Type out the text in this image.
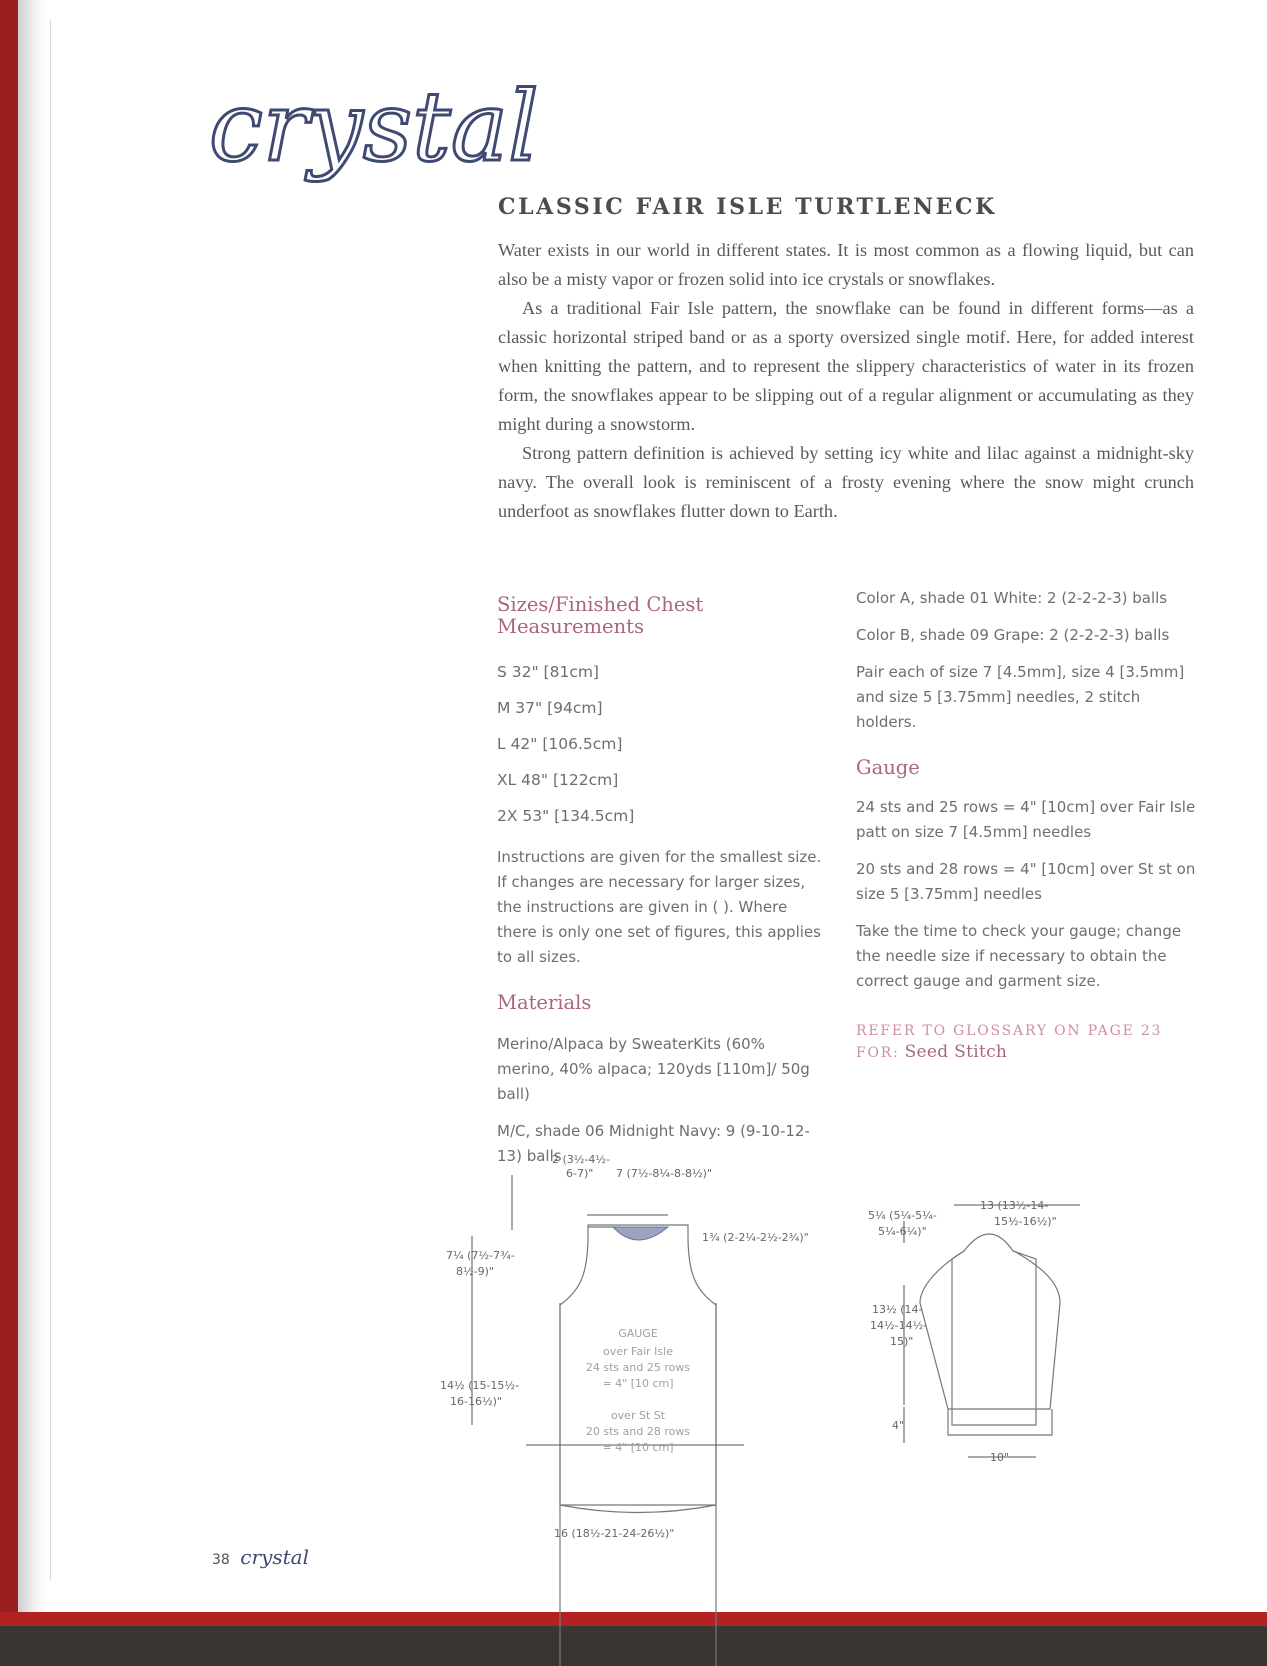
crystal
CLASSIC FAIR ISLE TURTLENECK

Water exists in our world in different states. It is most common as a flowing liquid, but can also be a misty vapor or frozen solid into ice crystals or snowflakes.

As a traditional Fair Isle pattern, the snowflake can be found in different forms—as a classic horizontal striped band or as a sporty oversized single motif. Here, for added interest when knitting the pattern, and to represent the slippery characteristics of water in its frozen form, the snowflakes appear to be slipping out of a regular alignment or accumulating as they might during a snowstorm.

Strong pattern definition is achieved by setting icy white and lilac against a midnight-sky navy. The overall look is reminiscent of a frosty evening where the snow might crunch underfoot as snowflakes flutter down to Earth.

Sizes/Finished Chest
Measurements
S 32" [81cm]
M 37" [94cm]
L 42" [106.5cm]
XL 48" [122cm]
2X 53" [134.5cm]
Instructions are given for the smallest size. If changes are necessary for larger sizes, the instructions are given in ( ). Where there is only one set of figures, this applies to all sizes.
Materials
Merino/Alpaca by SweaterKits (60% merino, 40% alpaca; 120yds [110m]/ 50g ball)
M/C, shade 06 Midnight Navy: 9 (9-10-12-13) balls
Color A, shade 01 White: 2 (2-2-2-3) balls
Color B, shade 09 Grape: 2 (2-2-2-3) balls
Pair each of size 7 [4.5mm], size 4 [3.5mm] and size 5 [3.75mm] needles, 2 stitch holders.
Gauge
24 sts and 25 rows = 4" [10cm] over Fair Isle patt on size 7 [4.5mm] needles
20 sts and 28 rows = 4" [10cm] over St st on size 5 [3.75mm] needles
Take the time to check your gauge; change the needle size if necessary to obtain the correct gauge and garment size.
REFER TO GLOSSARY ON PAGE 23
FOR: Seed Stitch
2 (3½-4½-
6-7)" 7 (7½-8¼-8-8½)"
1¾ (2-2¼-2½-2¾)"
7¼ (7½-7¾-
8½-9)"
14½ (15-15½-
16-16½)"
16 (18½-21-24-26½)"
GAUGE
over Fair Isle
24 sts and 25 rows
= 4" [10 cm]
over St St
20 sts and 28 rows
= 4" [10 cm]
13 (13½-14-
15½-16½)"
5¼ (5¼-5¼-
5¼-6¼)"
13½ (14-
14½-14½-
15)"
4"
10"
38 crystal
